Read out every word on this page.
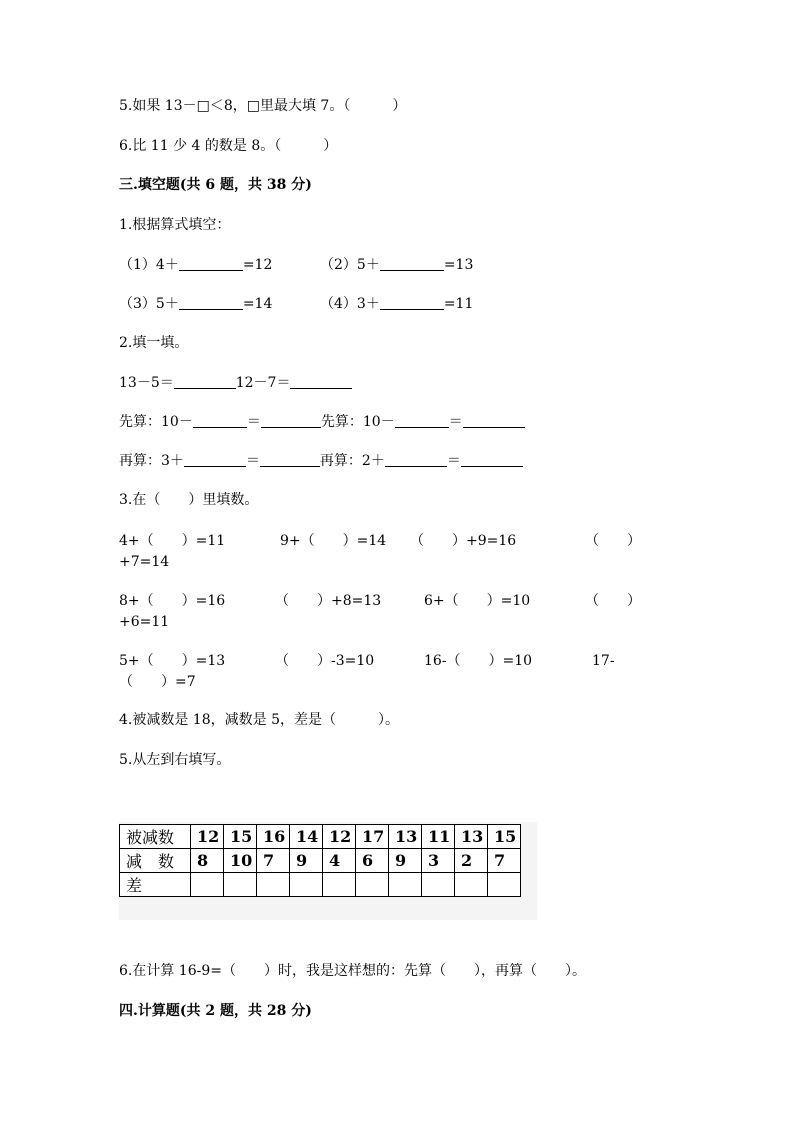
5.如果 13－□＜8，□里最大填 7。（　　　）
6.比 11 少 4 的数是 8。（　　　）
三.填空题(共 6 题，共 38 分)
1.根据算式填空：
（1）4＋	=12	（2）5＋	=13
（3）5＋	=14	（4）3＋	=11
2.填一填。
13－5＝	12－7＝
先算：10－	＝	先算：10－	＝
再算：3＋	＝	再算：2＋	＝
3.在（　　）里填数。
4+（　　）=11	9+（　　）=14 （　　）+9=16	（　　）
+7=14
8+（　　）=16	（　　）+8=13	6+（　　）=10	（　　）
+6=11
5+（　　）=13	（　　）-3=10	16-（　　）=10	17-
（　　）=7
4.被减数是 18，减数是 5，差是（　　　）。
5.从左到右填写。
被减数	12	15	16	14	12	17	13	11	13	15
减　数	8	10	7	9	4	6	9	3	2	7
差										
6.在计算 16-9=（　　）时，我是这样想的：先算（　　），再算（　　）。
四.计算题(共 2 题，共 28 分)
